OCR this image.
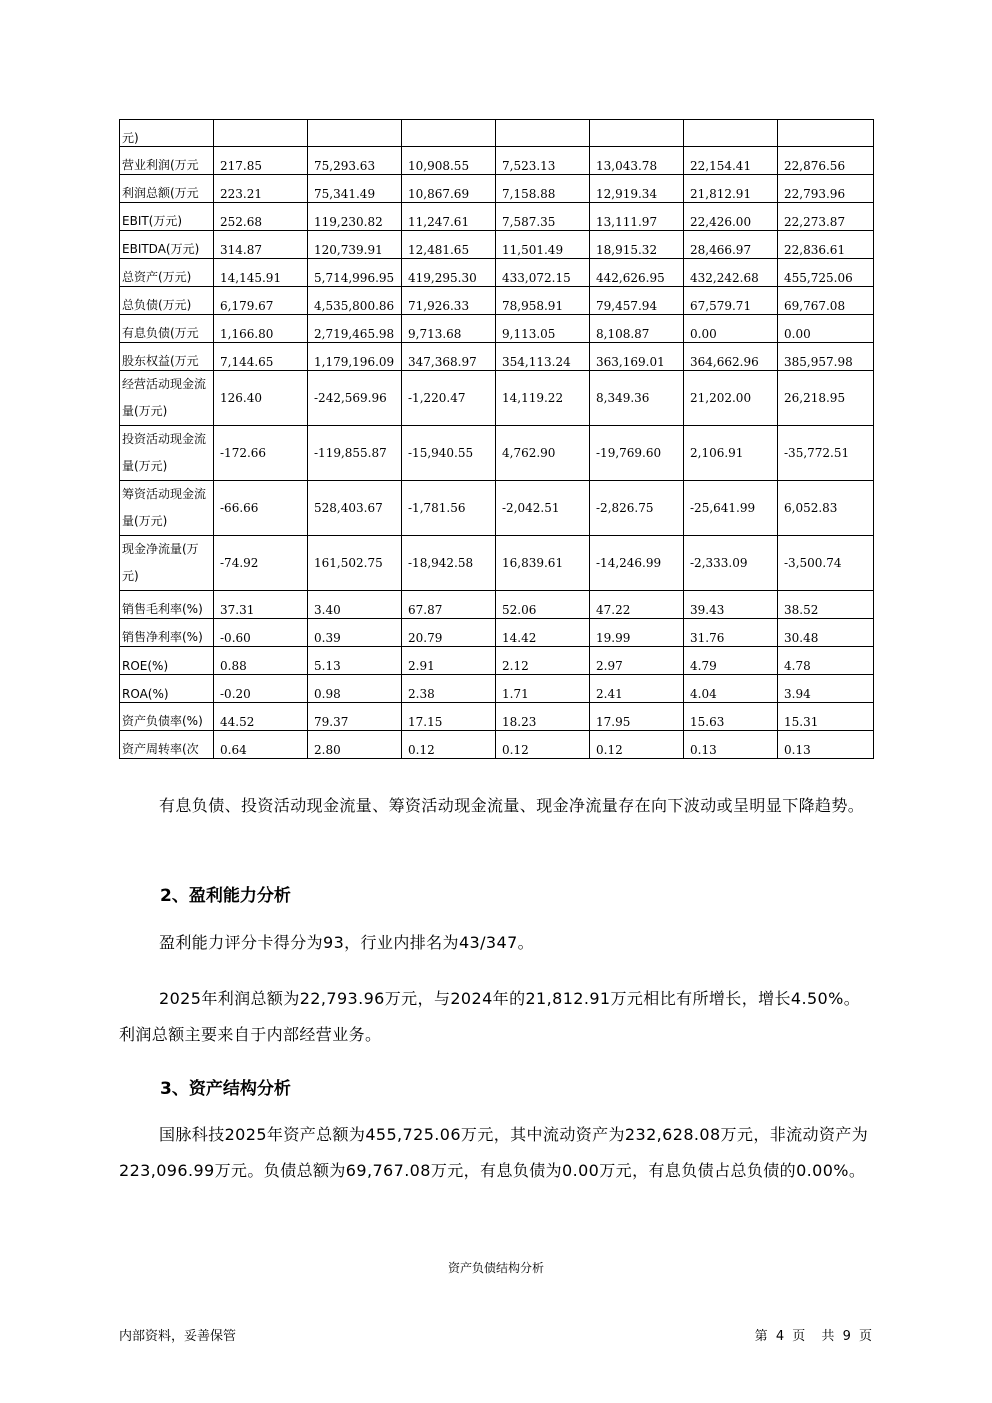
元)							
营业利润(万元	217.85	75,293.63	10,908.55	7,523.13	13,043.78	22,154.41	22,876.56
利润总额(万元	223.21	75,341.49	10,867.69	7,158.88	12,919.34	21,812.91	22,793.96
EBIT(万元)	252.68	119,230.82	11,247.61	7,587.35	13,111.97	22,426.00	22,273.87
EBITDA(万元)	314.87	120,739.91	12,481.65	11,501.49	18,915.32	28,466.97	22,836.61
总资产(万元)	14,145.91	5,714,996.95	419,295.30	433,072.15	442,626.95	432,242.68	455,725.06
总负债(万元)	6,179.67	4,535,800.86	71,926.33	78,958.91	79,457.94	67,579.71	69,767.08
有息负债(万元	1,166.80	2,719,465.98	9,713.68	9,113.05	8,108.87	0.00	0.00
股东权益(万元	7,144.65	1,179,196.09	347,368.97	354,113.24	363,169.01	364,662.96	385,957.98
经营活动现金流量(万元)	126.40	-242,569.96	-1,220.47	14,119.22	8,349.36	21,202.00	26,218.95
投资活动现金流量(万元)	-172.66	-119,855.87	-15,940.55	4,762.90	-19,769.60	2,106.91	-35,772.51
筹资活动现金流量(万元)	-66.66	528,403.67	-1,781.56	-2,042.51	-2,826.75	-25,641.99	6,052.83
现金净流量(万元)	-74.92	161,502.75	-18,942.58	16,839.61	-14,246.99	-2,333.09	-3,500.74
销售毛利率(%)	37.31	3.40	67.87	52.06	47.22	39.43	38.52
销售净利率(%)	-0.60	0.39	20.79	14.42	19.99	31.76	30.48
ROE(%)	0.88	5.13	2.91	2.12	2.97	4.79	4.78
ROA(%)	-0.20	0.98	2.38	1.71	2.41	4.04	3.94
资产负债率(%)	44.52	79.37	17.15	18.23	17.95	15.63	15.31
资产周转率(次	0.64	2.80	0.12	0.12	0.12	0.13	0.13
有息负债、投资活动现金流量、筹资活动现金流量、现金净流量存在向下波动或呈明显下降趋势。
2、盈利能力分析
盈利能力评分卡得分为93，行业内排名为43/347。
2025年利润总额为22,793.96万元，与2024年的21,812.91万元相比有所增长，增长4.50%。利润总额主要来自于内部经营业务。
3、资产结构分析
国脉科技2025年资产总额为455,725.06万元，其中流动资产为232,628.08万元，非流动资产为223,096.99万元。负债总额为69,767.08万元，有息负债为0.00万元，有息负债占总负债的0.00%。
资产负债结构分析
内部资料，妥善保管	第 4 页 共 9 页
